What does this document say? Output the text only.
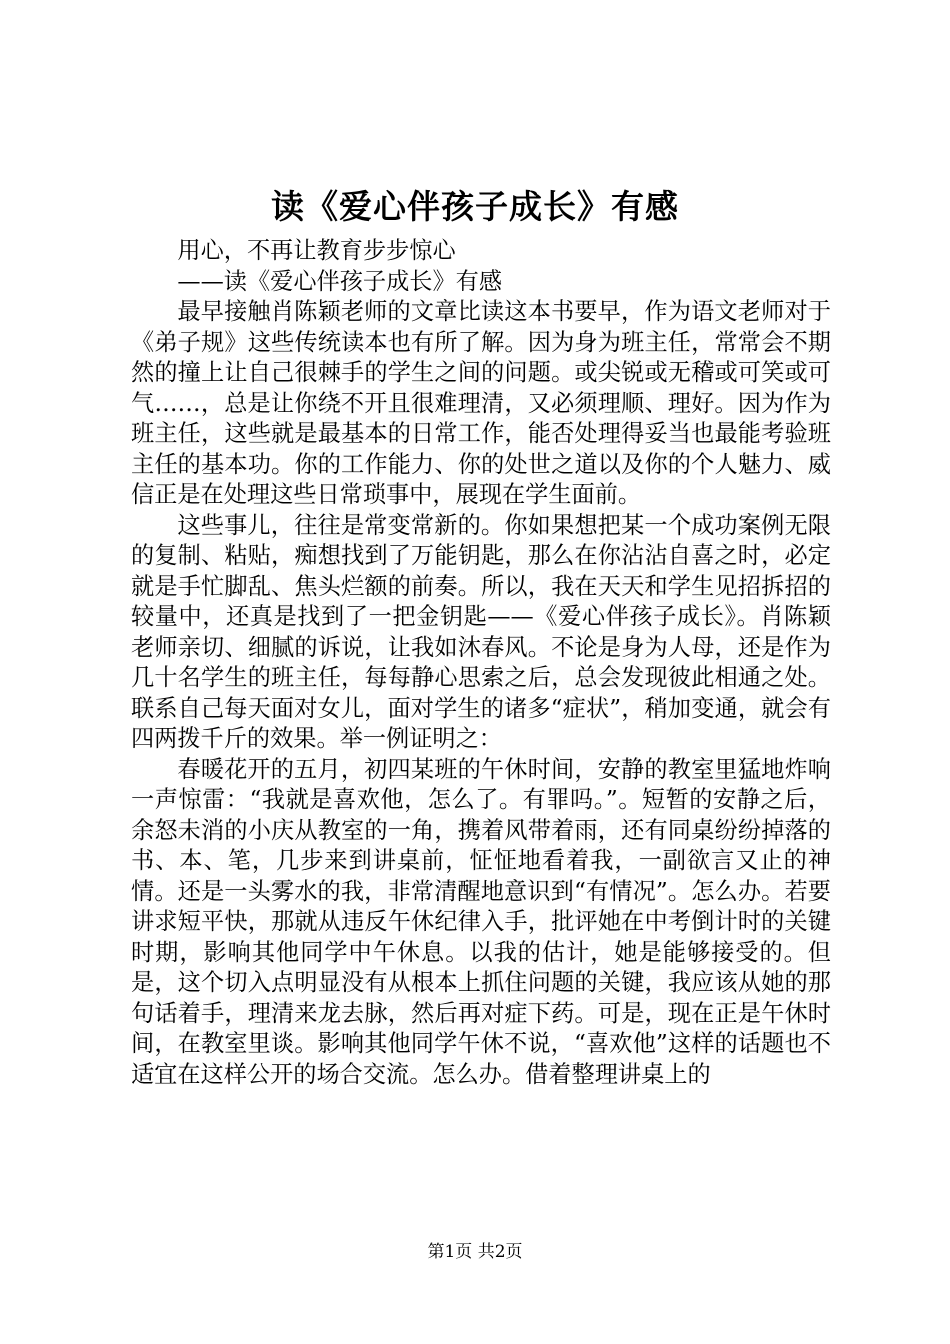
读《爱心伴孩子成长》有感

用心，不再让教育步步惊心

——读《爱心伴孩子成长》有感

最早接触肖陈颖老师的文章比读这本书要早，作为语文老师对于《弟子规》这些传统读本也有所了解。因为身为班主任，常常会不期然的撞上让自己很棘手的学生之间的问题。或尖锐或无稽或可笑或可气……，总是让你绕不开且很难理清，又必须理顺、理好。因为作为班主任，这些就是最基本的日常工作，能否处理得妥当也最能考验班主任的基本功。你的工作能力、你的处世之道以及你的个人魅力、威信正是在处理这些日常琐事中，展现在学生面前。

这些事儿，往往是常变常新的。你如果想把某一个成功案例无限的复制、粘贴，痴想找到了万能钥匙，那么在你沾沾自喜之时，必定就是手忙脚乱、焦头烂额的前奏。所以，我在天天和学生见招拆招的较量中，还真是找到了一把金钥匙——《爱心伴孩子成长》。肖陈颖老师亲切、细腻的诉说，让我如沐春风。不论是身为人母，还是作为几十名学生的班主任，每每静心思索之后，总会发现彼此相通之处。联系自己每天面对女儿，面对学生的诸多“症状”，稍加变通，就会有四两拨千斤的效果。举一例证明之：

春暖花开的五月，初四某班的午休时间，安静的教室里猛地炸响一声惊雷：“我就是喜欢他，怎么了。有罪吗。”。短暂的安静之后，余怒未消的小庆从教室的一角，携着风带着雨，还有同桌纷纷掉落的书、本、笔，几步来到讲桌前，怔怔地看着我，一副欲言又止的神情。还是一头雾水的我，非常清醒地意识到“有情况”。怎么办。若要讲求短平快，那就从违反午休纪律入手，批评她在中考倒计时的关键时期，影响其他同学中午休息。以我的估计，她是能够接受的。但是，这个切入点明显没有从根本上抓住问题的关键，我应该从她的那句话着手，理清来龙去脉，然后再对症下药。可是，现在正是午休时间，在教室里谈。影响其他同学午休不说，“喜欢他”这样的话题也不适宜在这样公开的场合交流。怎么办。借着整理讲桌上的

第1页 共2页
